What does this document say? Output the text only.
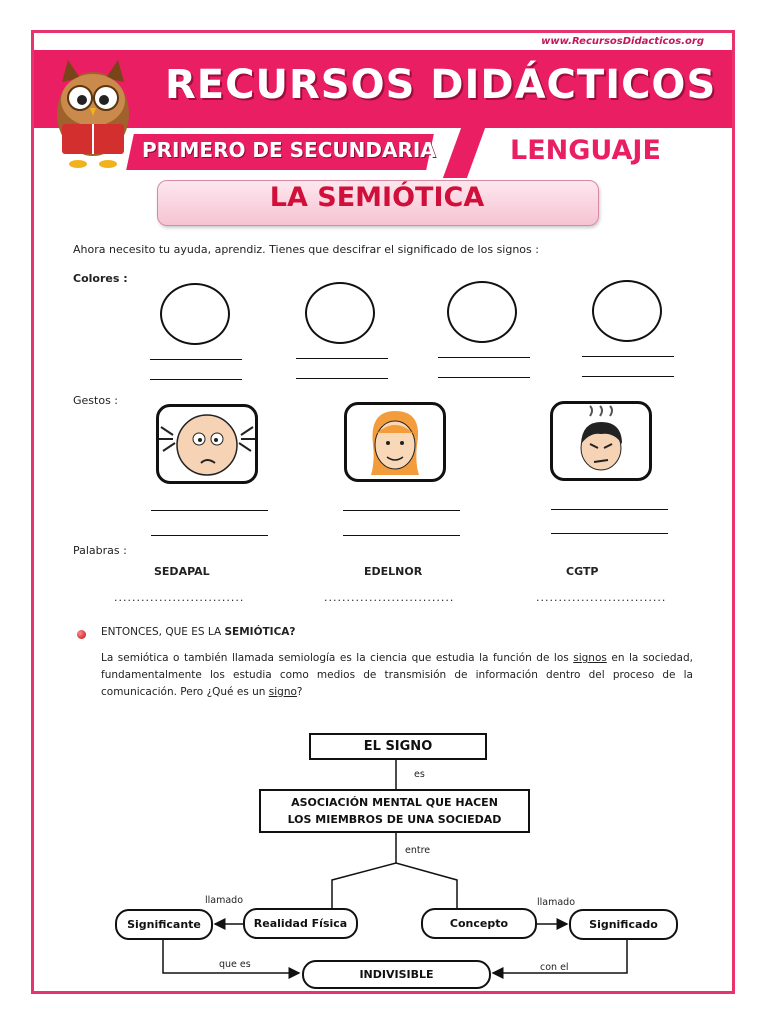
www.RecursosDidacticos.org
RECURSOS DIDÁCTICOS
PRIMERO DE SECUNDARIA	LENGUAJE
LA SEMIÓTICA
Ahora necesito tu ayuda, aprendiz. Tienes que descifrar el significado de los signos :
Colores :
Gestos :
Palabras :
SEDAPAL	EDELNOR	CGTP
.............................	.............................	.............................
ENTONCES, QUE ES LA SEMIÓTICA?
La semiótica o también llamada semiología es la ciencia que estudia la función de los signos en la sociedad, fundamentalmente los estudia como medios de transmisión de información dentro del proceso de la comunicación. Pero ¿Qué es un signo?
EL SIGNO
es
ASOCIACIÓN MENTAL QUE HACEN
LOS MIEMBROS DE UNA SOCIEDAD
entre
Realidad Física	Concepto
llamado	llamado
Significante	Significado
que es	con el
INDIVISIBLE
